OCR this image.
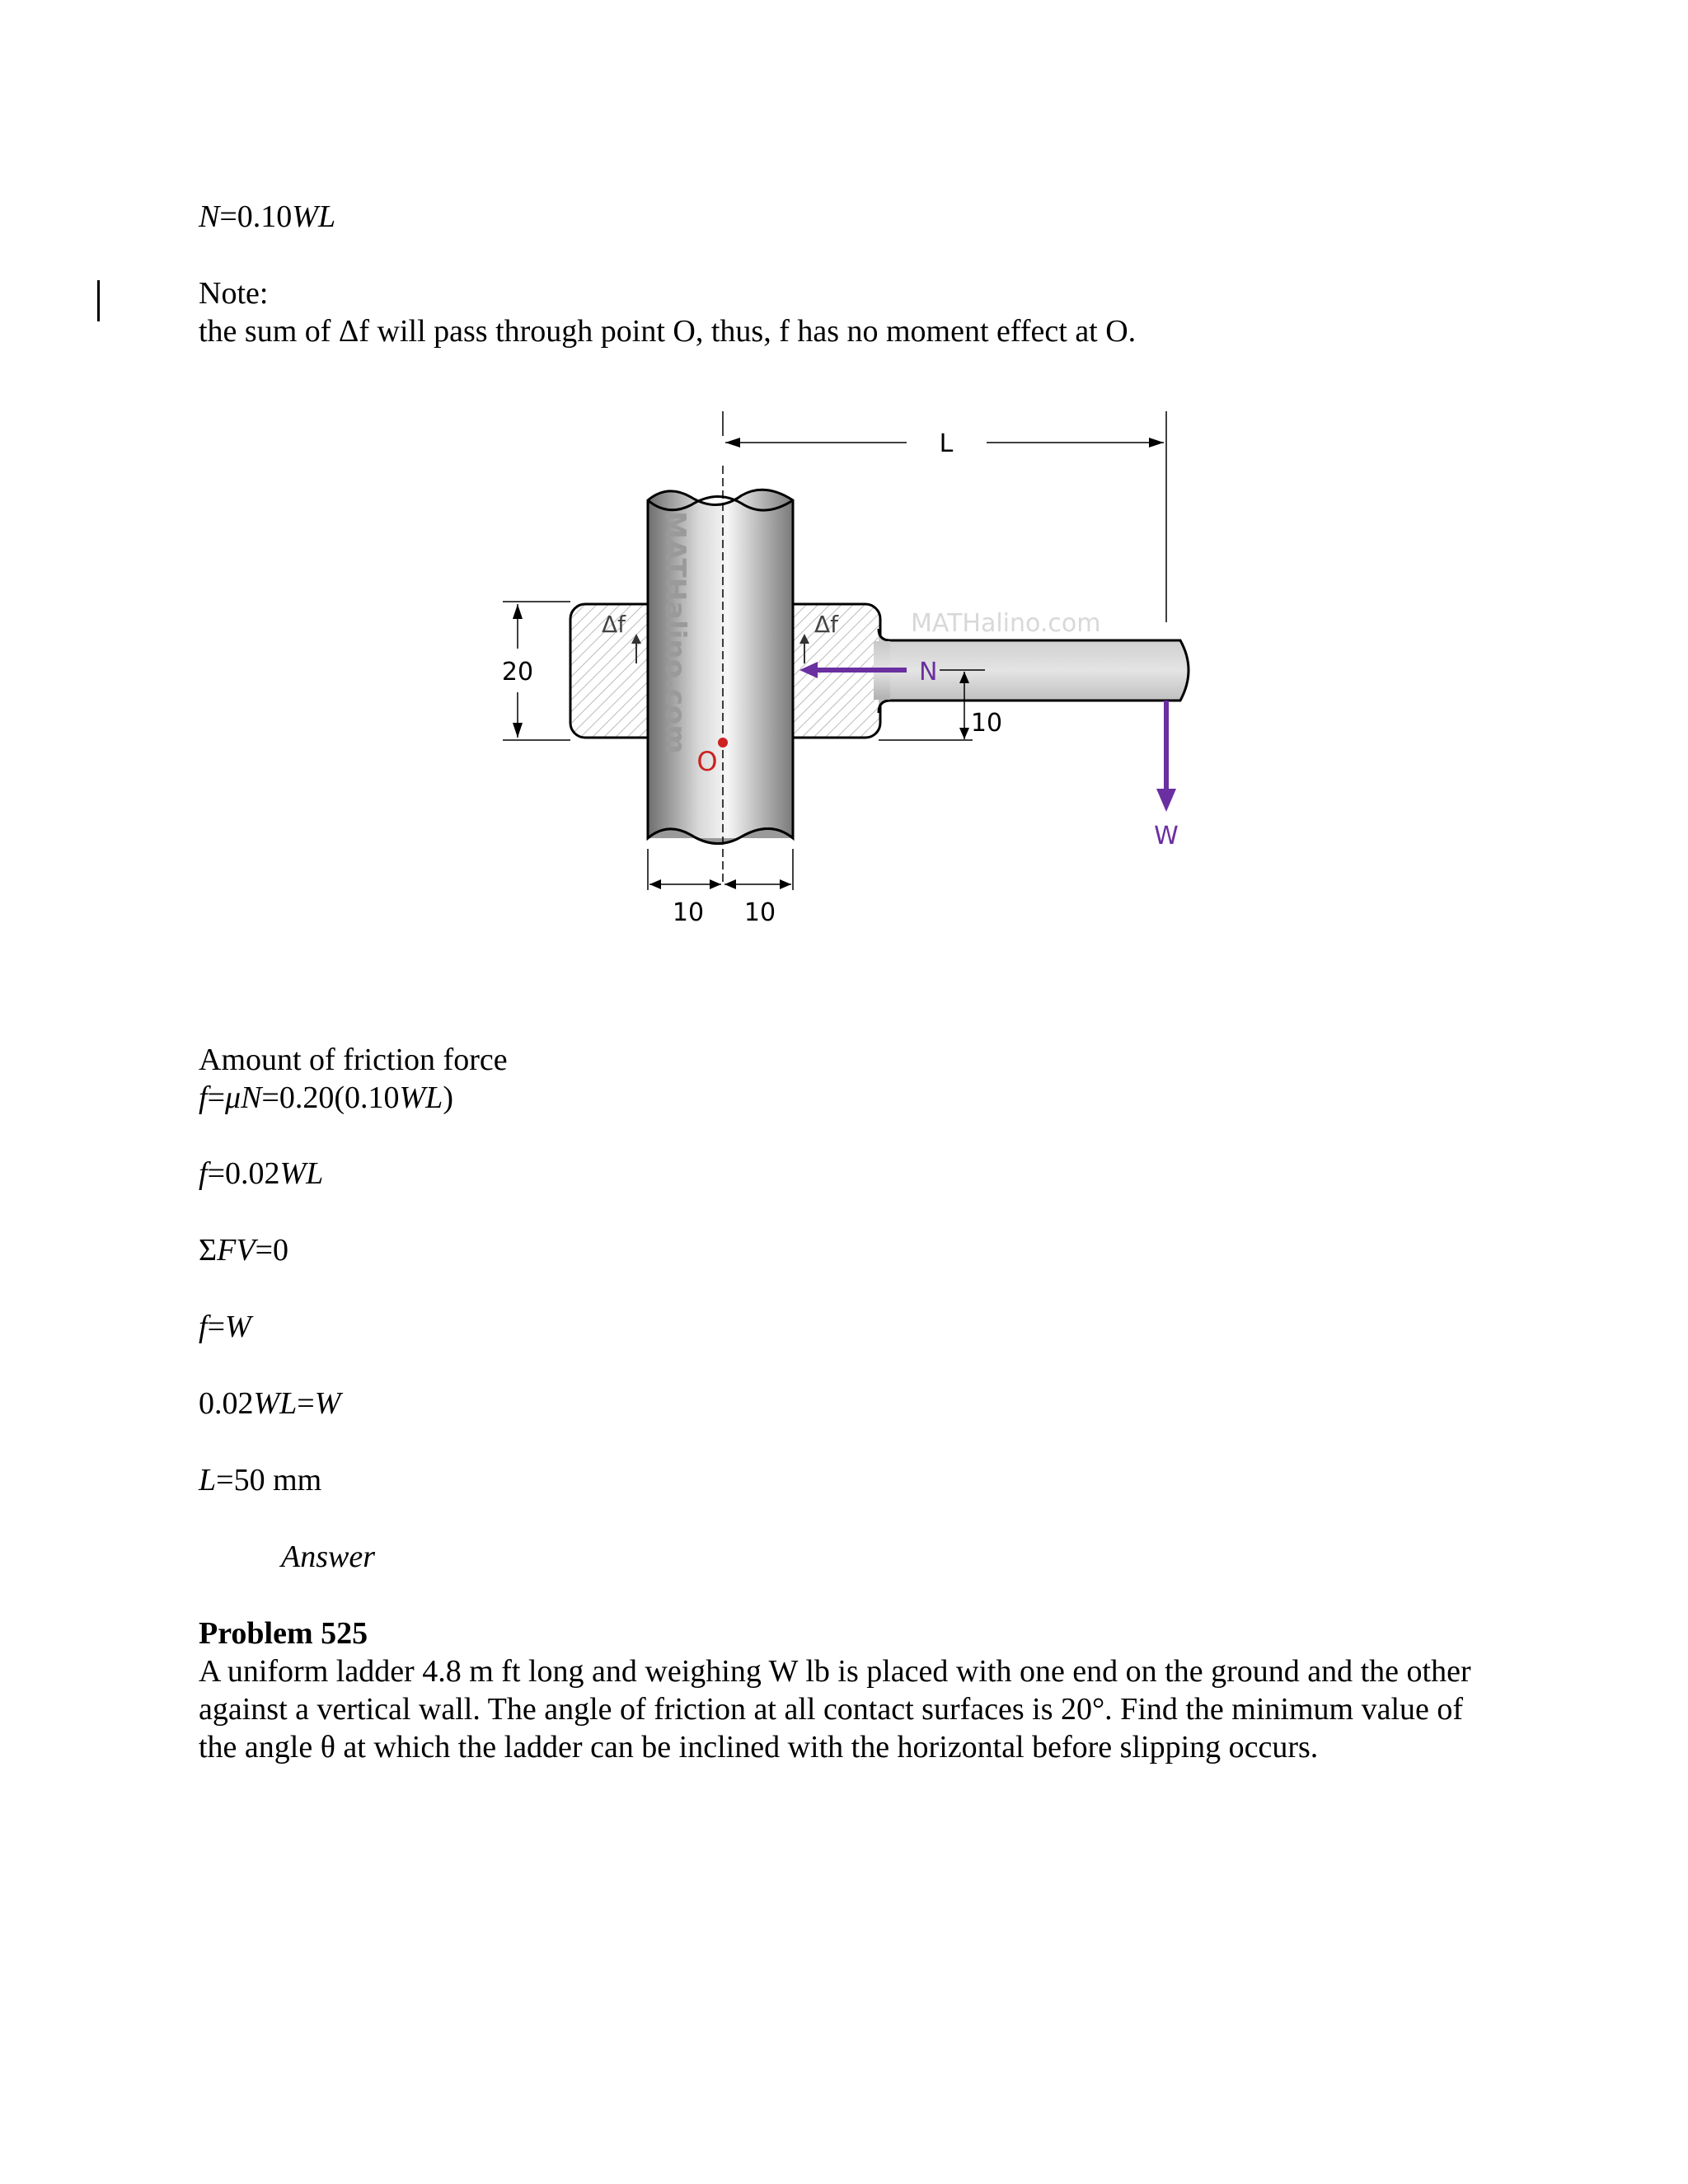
N=0.10WL
Note:
the sum of Δf will pass through point O, thus, f has no moment effect at O.
L
MATHalino.com	MATHalino.com
Δf	Δf
20	N
10
O
W
10 10
Amount of friction force
f=μN=0.20(0.10WL)
f=0.02WL
ΣFV=0
f=W
0.02WL=W
L=50 mm
Answer
Problem 525
A uniform ladder 4.8 m ft long and weighing W lb is placed with one end on the ground and the other against a vertical wall. The angle of friction at all contact surfaces is 20°. Find the minimum value of the angle θ at which the ladder can be inclined with the horizontal before slipping occurs.
